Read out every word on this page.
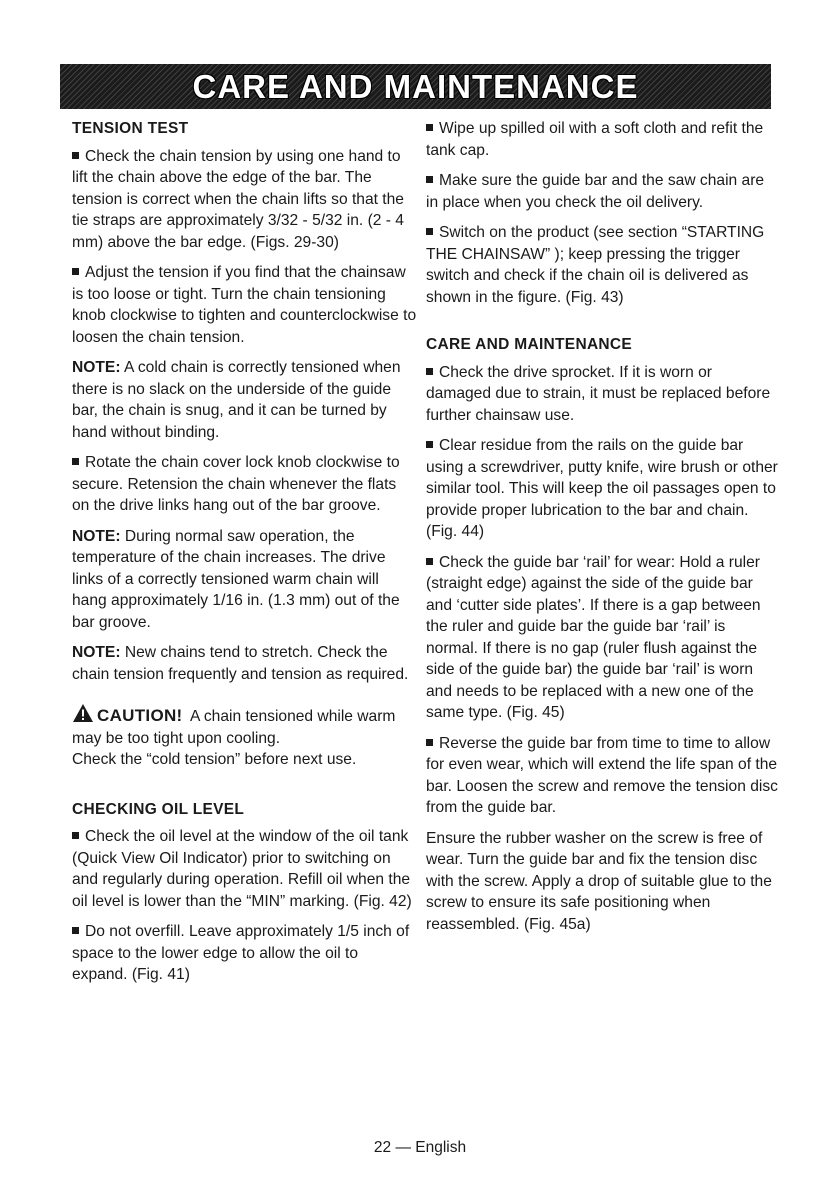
CARE AND MAINTENANCE
TENSION TEST

Check the chain tension by using one hand to lift the chain above the edge of the bar. The tension is correct when the chain lifts so that the tie straps are approximately 3/32 - 5/32 in. (2 - 4 mm) above the bar edge. (Figs. 29-30)

Adjust the tension if you find that the chainsaw is too loose or tight. Turn the chain tensioning knob clockwise to tighten and counterclockwise to loosen the chain tension.

NOTE: A cold chain is correctly tensioned when there is no slack on the underside of the guide bar, the chain is snug, and it can be turned by hand without binding.

Rotate the chain cover lock knob clockwise to secure. Retension the chain whenever the flats on the drive links hang out of the bar groove.

NOTE: During normal saw operation, the temperature of the chain increases. The drive links of a correctly tensioned warm chain will hang approximately 1/16 in. (1.3 mm) out of the bar groove.

NOTE: New chains tend to stretch. Check the chain tension frequently and tension as required.

CAUTION! A chain tensioned while warm may be too tight upon cooling.
Check the “cold tension” before next use.

CHECKING OIL LEVEL

Check the oil level at the window of the oil tank (Quick View Oil Indicator) prior to switching on and regularly during operation. Refill oil when the oil level is lower than the “MIN” marking. (Fig. 42)

Do not overfill. Leave approximately 1/5 inch of space to the lower edge to allow the oil to expand. (Fig. 41)

Wipe up spilled oil with a soft cloth and refit the tank cap.

Make sure the guide bar and the saw chain are in place when you check the oil delivery.

Switch on the product (see section “STARTING THE CHAINSAW” ); keep pressing the trigger switch and check if the chain oil is delivered as shown in the figure. (Fig. 43)

CARE AND MAINTENANCE

Check the drive sprocket. If it is worn or damaged due to strain, it must be replaced before further chainsaw use.

Clear residue from the rails on the guide bar using a screwdriver, putty knife, wire brush or other similar tool. This will keep the oil passages open to provide proper lubrication to the bar and chain. (Fig. 44)

Check the guide bar ‘rail’ for wear: Hold a ruler (straight edge) against the side of the guide bar and ‘cutter side plates’. If there is a gap between the ruler and guide bar the guide bar ‘rail’ is normal. If there is no gap (ruler flush against the side of the guide bar) the guide bar ‘rail’ is worn and needs to be replaced with a new one of the same type. (Fig. 45)

Reverse the guide bar from time to time to allow for even wear, which will extend the life span of the bar. Loosen the screw and remove the tension disc from the guide bar.

Ensure the rubber washer on the screw is free of wear. Turn the guide bar and fix the tension disc with the screw. Apply a drop of suitable glue to the screw to ensure its safe positioning when reassembled. (Fig. 45a)

22 — English
